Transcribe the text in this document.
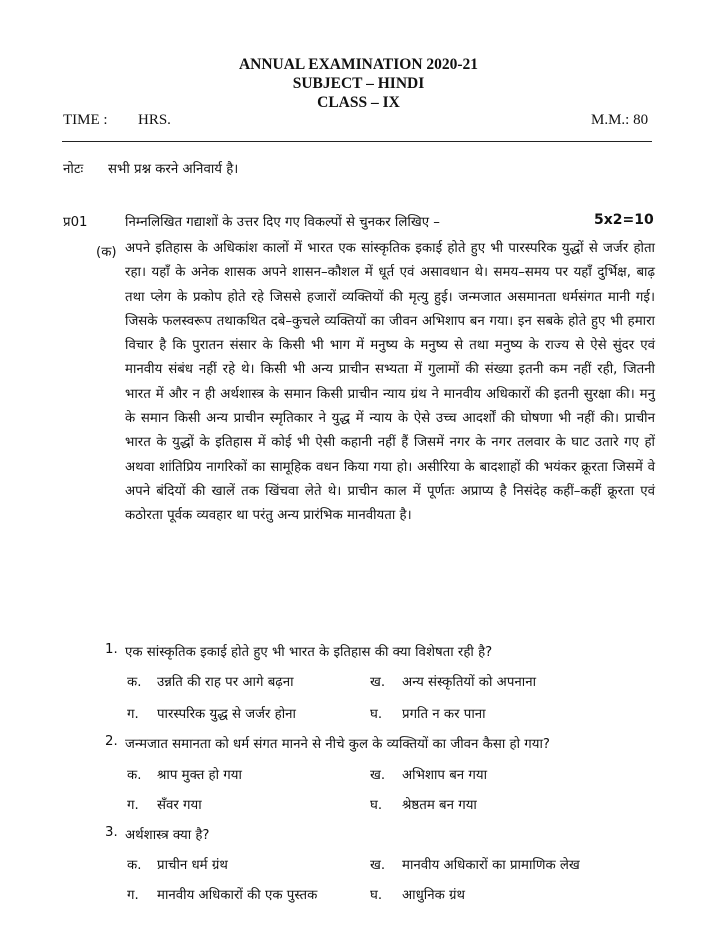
ANNUAL EXAMINATION 2020-21
SUBJECT – HINDI
CLASS – IX
TIME : HRS.	M.M.: 80
नोटः सभी प्रश्न करने अनिवार्य है।
प्र01	निम्नलिखित गद्याशों के उत्तर दिए गए विकल्पों से चुनकर लिखिए –	5x2=10
(क) अपने इतिहास के अधिकांश कालों में भारत एक सांस्कृतिक इकाई होते हुए भी पारस्परिक युद्धों से जर्जर होता रहा। यहाँ के अनेक शासक अपने शासन–कौशल में धूर्त एवं असावधान थे। समय–समय पर यहाँ दुर्भिक्ष, बाढ़ तथा प्लेग के प्रकोप होते रहे जिससे हजारों व्यक्तियों की मृत्यु हुई। जन्मजात असमानता धर्मसंगत मानी गई। जिसके फलस्वरूप तथाकथित दबे–कुचले व्यक्तियों का जीवन अभिशाप बन गया। इन सबके होते हुए भी हमारा विचार है कि पुरातन संसार के किसी भी भाग में मनुष्य के मनुष्य से तथा मनुष्य के राज्य से ऐसे सुंदर एवं मानवीय संबंध नहीं रहे थे। किसी भी अन्य प्राचीन सभ्यता में गुलामों की संख्या इतनी कम नहीं रही, जितनी भारत में और न ही अर्थशास्त्र के समान किसी प्राचीन न्याय ग्रंथ ने मानवीय अधिकारों की इतनी सुरक्षा की। मनु के समान किसी अन्य प्राचीन स्मृतिकार ने युद्ध में न्याय के ऐसे उच्च आदर्शों की घोषणा भी नहीं की। प्राचीन भारत के युद्धों के इतिहास में कोई भी ऐसी कहानी नहीं हैं जिसमें नगर के नगर तलवार के घाट उतारे गए हों अथवा शांतिप्रिय नागरिकों का सामूहिक वधन किया गया हो। असीरिया के बादशाहों की भयंकर क्रूरता जिसमें वे अपने बंदियों की खालें तक खिंचवा लेते थे। प्राचीन काल में पूर्णतः अप्राप्य है निसंदेह कहीं–कहीं क्रूरता एवं कठोरता पूर्वक व्यवहार था परंतु अन्य प्रारंभिक मानवीयता है।
1. एक सांस्कृतिक इकाई होते हुए भी भारत के इतिहास की क्या विशेषता रही है?
क. उन्नति की राह पर आगे बढ़ना	ख. अन्य संस्कृतियों को अपनाना
ग. पारस्परिक युद्ध से जर्जर होना	घ. प्रगति न कर पाना
2. जन्मजात समानता को धर्म संगत मानने से नीचे कुल के व्यक्तियों का जीवन कैसा हो गया?
क. श्राप मुक्त हो गया	ख. अभिशाप बन गया
ग. सँवर गया	घ. श्रेष्ठतम बन गया
3. अर्थशास्त्र क्या है?
क. प्राचीन धर्म ग्रंथ	ख. मानवीय अधिकारों का प्रामाणिक लेख
ग. मानवीय अधिकारों की एक पुस्तक	घ. आधुनिक ग्रंथ
